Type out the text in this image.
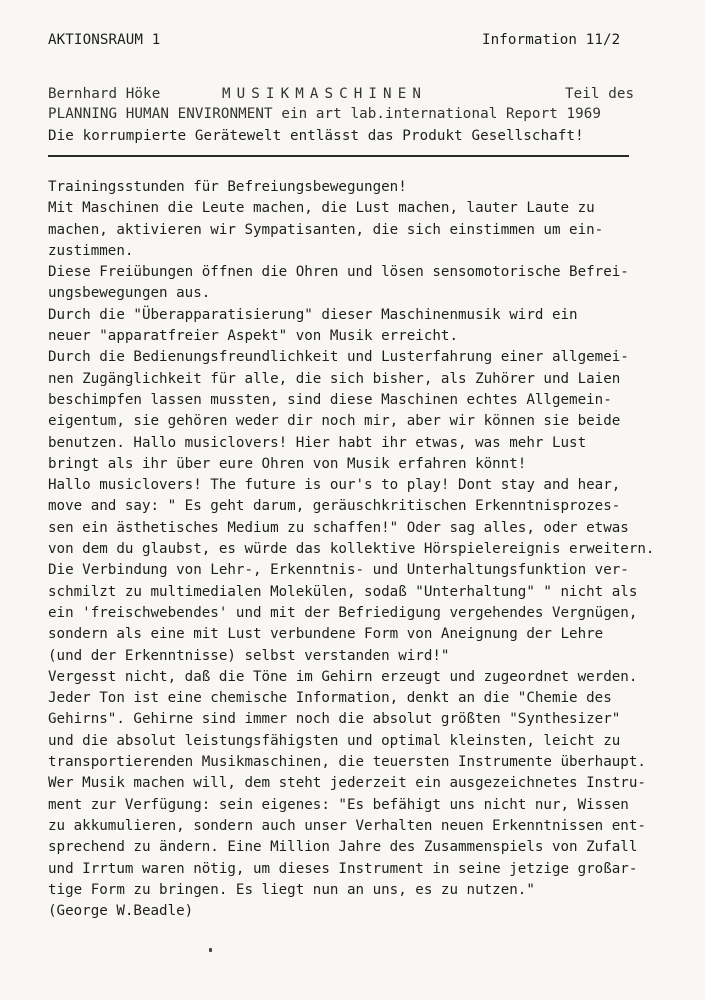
AKTIONSRAUM 1	Information 11/2
Bernhard Höke	MUSIKMASCHINEN	Teil des
PLANNING HUMAN ENVIRONMENT ein art lab.international Report 1969
Die korrumpierte Gerätewelt entlässt das Produkt Gesellschaft!
Trainingsstunden für Befreiungsbewegungen!
Mit Maschinen die Leute machen, die Lust machen, lauter Laute zu
machen, aktivieren wir Sympatisanten, die sich einstimmen um ein-
zustimmen.
Diese Freiübungen öffnen die Ohren und lösen sensomotorische Befrei-
ungsbewegungen aus.
Durch die "Überapparatisierung" dieser Maschinenmusik wird ein
neuer "apparatfreier Aspekt" von Musik erreicht.
Durch die Bedienungsfreundlichkeit und Lusterfahrung einer allgemei-
nen Zugänglichkeit für alle, die sich bisher, als Zuhörer und Laien
beschimpfen lassen mussten, sind diese Maschinen echtes Allgemein-
eigentum, sie gehören weder dir noch mir, aber wir können sie beide
benutzen. Hallo musiclovers! Hier habt ihr etwas, was mehr Lust
bringt als ihr über eure Ohren von Musik erfahren könnt!
Hallo musiclovers! The future is our's to play! Dont stay and hear,
move and say: " Es geht darum, geräuschkritischen Erkenntnisprozes-
sen ein ästhetisches Medium zu schaffen!" Oder sag alles, oder etwas
von dem du glaubst, es würde das kollektive Hörspielereignis erweitern.
Die Verbindung von Lehr-, Erkenntnis- und Unterhaltungsfunktion ver-
schmilzt zu multimedialen Molekülen, sodaß "Unterhaltung" " nicht als
ein 'freischwebendes' und mit der Befriedigung vergehendes Vergnügen,
sondern als eine mit Lust verbundene Form von Aneignung der Lehre
(und der Erkenntnisse) selbst verstanden wird!"
Vergesst nicht, daß die Töne im Gehirn erzeugt und zugeordnet werden.
Jeder Ton ist eine chemische Information, denkt an die "Chemie des
Gehirns". Gehirne sind immer noch die absolut größten "Synthesizer"
und die absolut leistungsfähigsten und optimal kleinsten, leicht zu
transportierenden Musikmaschinen, die teuersten Instrumente überhaupt.
Wer Musik machen will, dem steht jederzeit ein ausgezeichnetes Instru-
ment zur Verfügung: sein eigenes: "Es befähigt uns nicht nur, Wissen
zu akkumulieren, sondern auch unser Verhalten neuen Erkenntnissen ent-
sprechend zu ändern. Eine Million Jahre des Zusammenspiels von Zufall
und Irrtum waren nötig, um dieses Instrument in seine jetzige großar-
tige Form zu bringen. Es liegt nun an uns, es zu nutzen."
(George W.Beadle)
